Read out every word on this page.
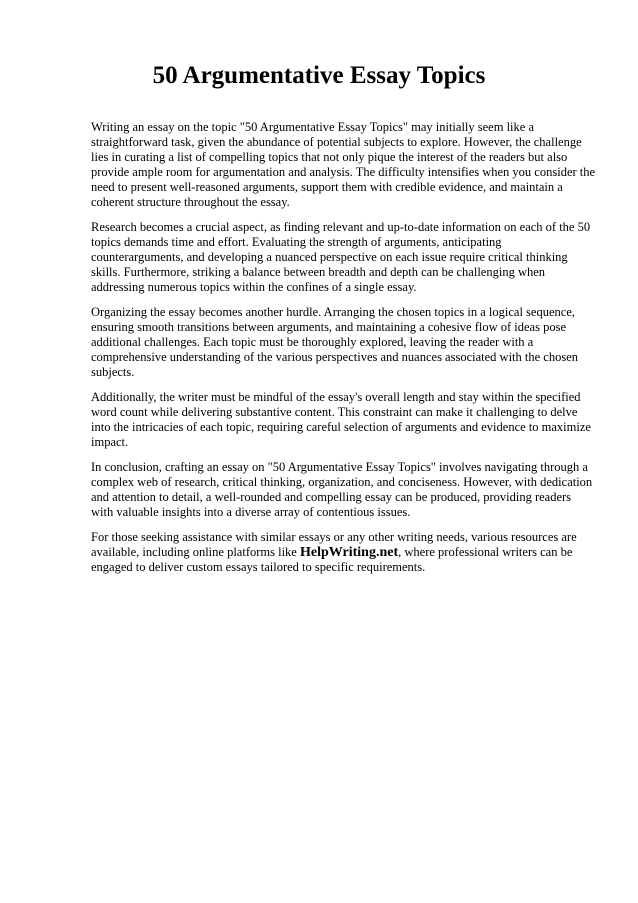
50 Argumentative Essay Topics

Writing an essay on the topic "50 Argumentative Essay Topics" may initially seem like a straightforward task, given the abundance of potential subjects to explore. However, the challenge lies in curating a list of compelling topics that not only pique the interest of the readers but also provide ample room for argumentation and analysis. The difficulty intensifies when you consider the need to present well-reasoned arguments, support them with credible evidence, and maintain a coherent structure throughout the essay.

Research becomes a crucial aspect, as finding relevant and up-to-date information on each of the 50 topics demands time and effort. Evaluating the strength of arguments, anticipating counterarguments, and developing a nuanced perspective on each issue require critical thinking skills. Furthermore, striking a balance between breadth and depth can be challenging when addressing numerous topics within the confines of a single essay.

Organizing the essay becomes another hurdle. Arranging the chosen topics in a logical sequence, ensuring smooth transitions between arguments, and maintaining a cohesive flow of ideas pose additional challenges. Each topic must be thoroughly explored, leaving the reader with a comprehensive understanding of the various perspectives and nuances associated with the chosen subjects.

Additionally, the writer must be mindful of the essay's overall length and stay within the specified word count while delivering substantive content. This constraint can make it challenging to delve into the intricacies of each topic, requiring careful selection of arguments and evidence to maximize impact.

In conclusion, crafting an essay on "50 Argumentative Essay Topics" involves navigating through a complex web of research, critical thinking, organization, and conciseness. However, with dedication and attention to detail, a well-rounded and compelling essay can be produced, providing readers with valuable insights into a diverse array of contentious issues.

For those seeking assistance with similar essays or any other writing needs, various resources are available, including online platforms like HelpWriting.net, where professional writers can be engaged to deliver custom essays tailored to specific requirements.
